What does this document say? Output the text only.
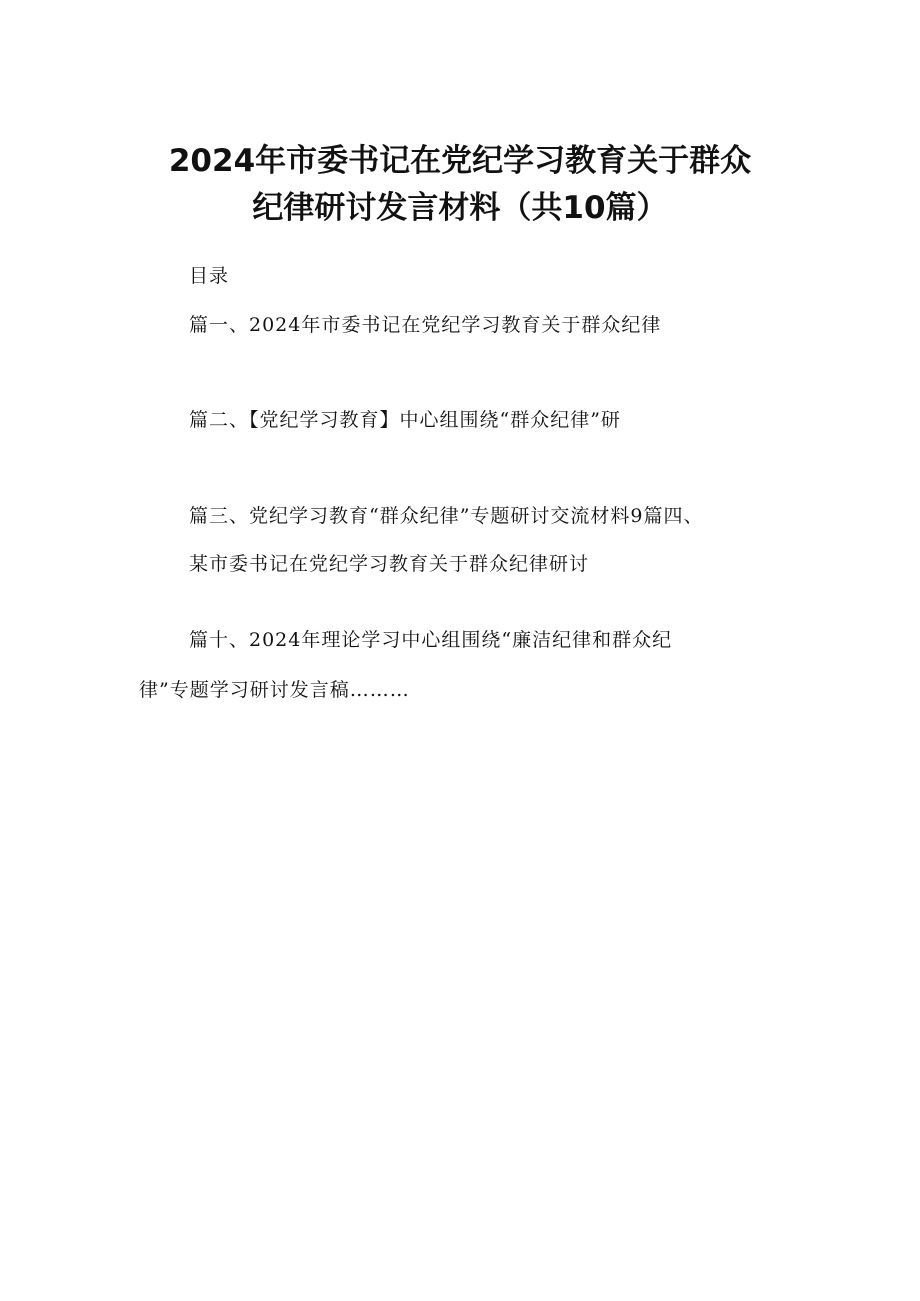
2024年市委书记在党纪学习教育关于群众
纪律研讨发言材料（共10篇）

目录

篇一、2024年市委书记在党纪学习教育关于群众纪律

篇二、【党纪学习教育】中心组围绕“群众纪律”研

篇三、党纪学习教育“群众纪律”专题研讨交流材料9篇四、

某市委书记在党纪学习教育关于群众纪律研讨

篇十、2024年理论学习中心组围绕“廉洁纪律和群众纪

律”专题学习研讨发言稿………
